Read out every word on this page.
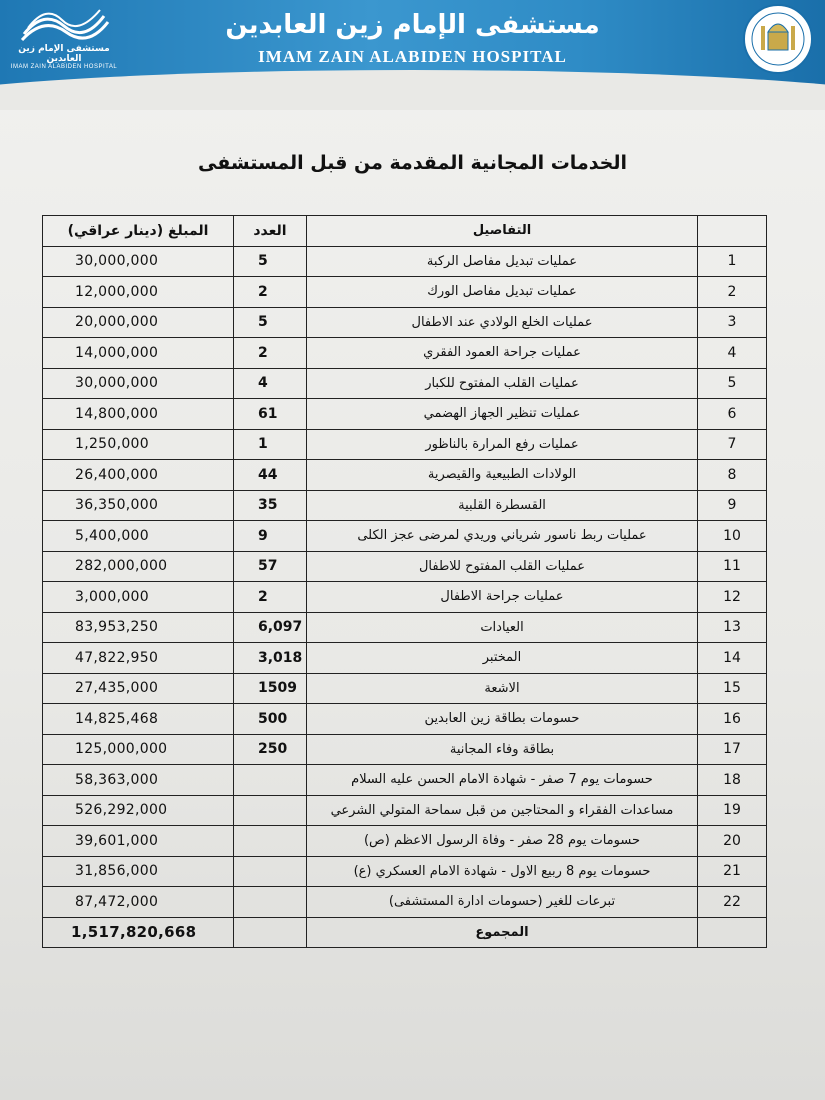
مستشفى الإمام زين العابدين
IMAM ZAIN ALABIDEN HOSPITAL
مستشفى الإمام زين العابدين
IMAM ZAIN ALABIDEN HOSPITAL
الخدمات المجانية المقدمة من قبل المستشفى
المبلغ (دينار عراقي)	العدد	التفاصيل	
30,000,000	5	عمليات تبديل مفاصل الركبة	1
12,000,000	2	عمليات تبديل مفاصل الورك	2
20,000,000	5	عمليات الخلع الولادي عند الاطفال	3
14,000,000	2	عمليات جراحة العمود الفقري	4
30,000,000	4	عمليات القلب المفتوح للكبار	5
14,800,000	61	عمليات تنظير الجهاز الهضمي	6
1,250,000	1	عمليات رفع المرارة بالناظور	7
26,400,000	44	الولادات الطبيعية والقيصرية	8
36,350,000	35	القسطرة القلبية	9
5,400,000	9	عمليات ربط ناسور شرياني وريدي لمرضى عجز الكلى	10
282,000,000	57	عمليات القلب المفتوح للاطفال	11
3,000,000	2	عمليات جراحة الاطفال	12
83,953,250	6,097	العيادات	13
47,822,950	3,018	المختبر	14
27,435,000	1509	الاشعة	15
14,825,468	500	حسومات بطاقة زين العابدين	16
125,000,000	250	بطاقة وفاء المجانية	17
58,363,000		حسومات يوم 7 صفر - شهادة الامام الحسن عليه السلام	18
526,292,000		مساعدات الفقراء و المحتاجين من قبل سماحة المتولي الشرعي	19
39,601,000		حسومات يوم 28 صفر - وفاة الرسول الاعظم (ص)	20
31,856,000		حسومات يوم 8 ربيع الاول - شهادة الامام العسكري (ع)	21
87,472,000		تبرعات للغير (حسومات ادارة المستشفى)	22
1,517,820,668		المجموع	
